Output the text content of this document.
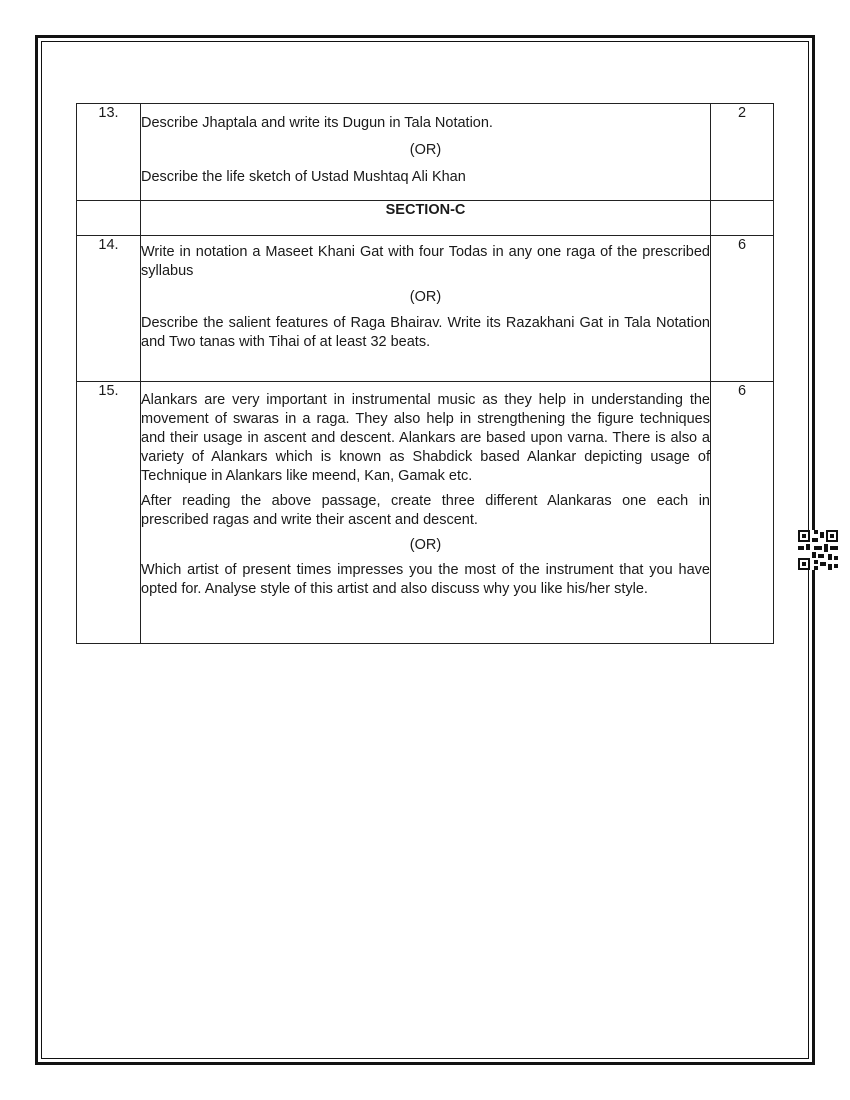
13.	Describe Jhaptala and write its Dugun in Tala Notation.

(OR)

Describe the life sketch of Ustad Mushtaq Ali Khan	2
	SECTION-C	
14.	Write in notation a Maseet Khani Gat with four Todas in any one raga of the prescribed syllabus

(OR)

Describe the salient features of Raga Bhairav. Write its Razakhani Gat in Tala Notation and Two tanas with Tihai of at least 32 beats.	6
15.	Alankars are very important in instrumental music as they help in understanding the movement of swaras in a raga. They also help in strengthening the figure techniques and their usage in ascent and descent. Alankars are based upon varna. There is also a variety of Alankars which is known as Shabdick based Alankar depicting usage of Technique in Alankars like meend, Kan, Gamak etc.

After reading the above passage, create three different Alankaras one each in prescribed ragas and write their ascent and descent.

(OR)

Which artist of present times impresses you the most of the instrument that you have opted for. Analyse style of this artist and also discuss why you like his/her style.	6
